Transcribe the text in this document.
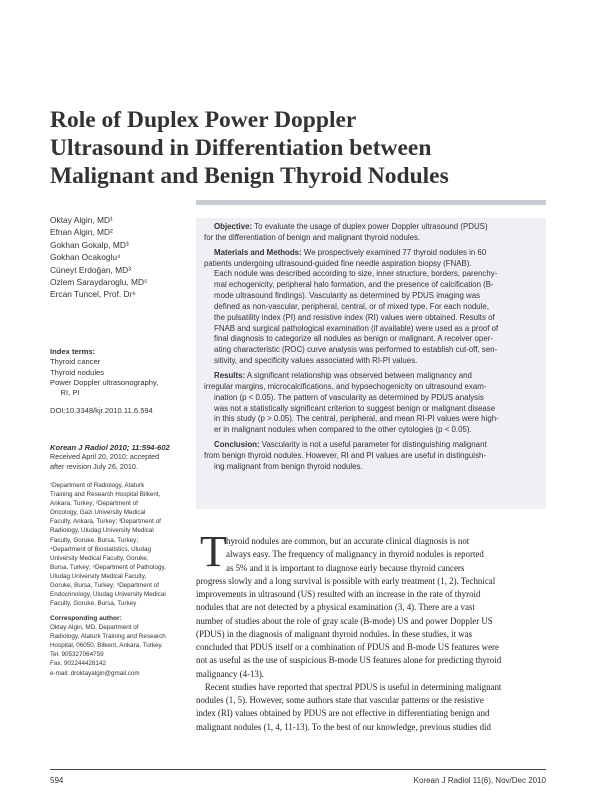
Role of Duplex Power Doppler
Ultrasound in Differentiation between
Malignant and Benign Thyroid Nodules
Oktay Algin, MD¹
Efnan Algin, MD²
Gokhan Gokalp, MD³
Gokhan Ocakoglu⁴
Cüneyt Erdoğan, MD³
Ozlem Saraydaroglu, MD⁵
Ercan Tuncel, Prof. Dr⁶

Objective: To evaluate the usage of duplex power Doppler ultrasound (PDUS) for the differentiation of benign and malignant thyroid nodules.

Materials and Methods: We prospectively examined 77 thyroid nodules in 60 patients undergoing ultrasound-guided fine needle aspiration biopsy (FNAB).
Each nodule was described according to size, inner structure, borders, parenchy-
mal echogenicity, peripheral halo formation, and the presence of calcification (B-
mode ultrasound findings). Vascularity as determined by PDUS imaging was
defined as non-vascular, peripheral, central, or of mixed type. For each nodule,
the pulsatility index (PI) and resistive index (RI) values were obtained. Results of
FNAB and surgical pathological examination (if available) were used as a proof of
final diagnosis to categorize all nodules as benign or malignant. A receiver oper-
ating characteristic (ROC) curve analysis was performed to establish cut-off, sen-
sitivity, and specificity values associated with RI-PI values.

Results: A significant relationship was observed between malignancy and irregular margins, microcalcifications, and hypoechogenicity on ultrasound exam-
ination (p < 0.05). The pattern of vascularity as determined by PDUS analysis
was not a statistically significant criterion to suggest benign or malignant disease
in this study (p > 0.05). The central, peripheral, and mean RI-PI values were high-
er in malignant nodules when compared to the other cytologies (p < 0.05).

Conclusion: Vascularity is not a useful parameter for distinguishing malignant from benign thyroid nodules. However, RI and PI values are useful in distinguish-
ing malignant from benign thyroid nodules.

Index terms:
Thyroid cancer
Thyroid nodules
Power Doppler ultrasonography,
RI, PI
DOI:10.3348/kjr.2010.11.6.594
Korean J Radiol 2010; 11:594-602
Received April 20, 2010; accepted
after revision July 26, 2010.
¹Department of Radiology, Ataturk
Training and Research Hospital Bilkent,
Ankara, Turkey; ²Department of
Oncology, Gazi University Medical
Faculty, Ankara, Turkey; ³Department of
Radiology, Uludag University Medical
Faculty, Goruke, Bursa, Turkey;
⁴Department of Biostatistics, Uludag
University Medical Faculty, Goruke,
Bursa, Turkey; ⁵Department of Pathology,
Uludag University Medical Faculty,
Goruke, Bursa, Turkey; ⁶Department of
Endocrinology, Uludag University Medical
Faculty, Goruke, Bursa, Turkey
Corresponding author:
Oktay Algin, MD, Department of
Radiology, Ataturk Training and Research
Hospital, 06050, Bilkent, Ankara, Turkey.
Tel. 905327064759
Fax. 902244428142
e-mail: droktayalgin@gmail.com
T hyroid nodules are common, but an accurate clinical diagnosis is not
always easy. The frequency of malignancy in thyroid nodules is reported
as 5% and it is important to diagnose early because thyroid cancers
progress slowly and a long survival is possible with early treatment (1, 2). Technical
improvements in ultrasound (US) resulted with an increase in the rate of thyroid
nodules that are not detected by a physical examination (3, 4). There are a vast
number of studies about the role of gray scale (B-mode) US and power Doppler US
(PDUS) in the diagnosis of malignant thyroid nodules. In these studies, it was
concluded that PDUS itself or a combination of PDUS and B-mode US features were
not as useful as the use of suspicious B-mode US features alone for predicting thyroid
malignancy (4-13).
Recent studies have reported that spectral PDUS is useful in determining malignant
nodules (1, 5). However, some authors state that vascular patterns or the resistive
index (RI) values obtained by PDUS are not effective in differentiating benign and
malignant nodules (1, 4, 11-13). To the best of our knowledge, previous studies did
594	Korean J Radiol 11(6), Nov/Dec 2010
